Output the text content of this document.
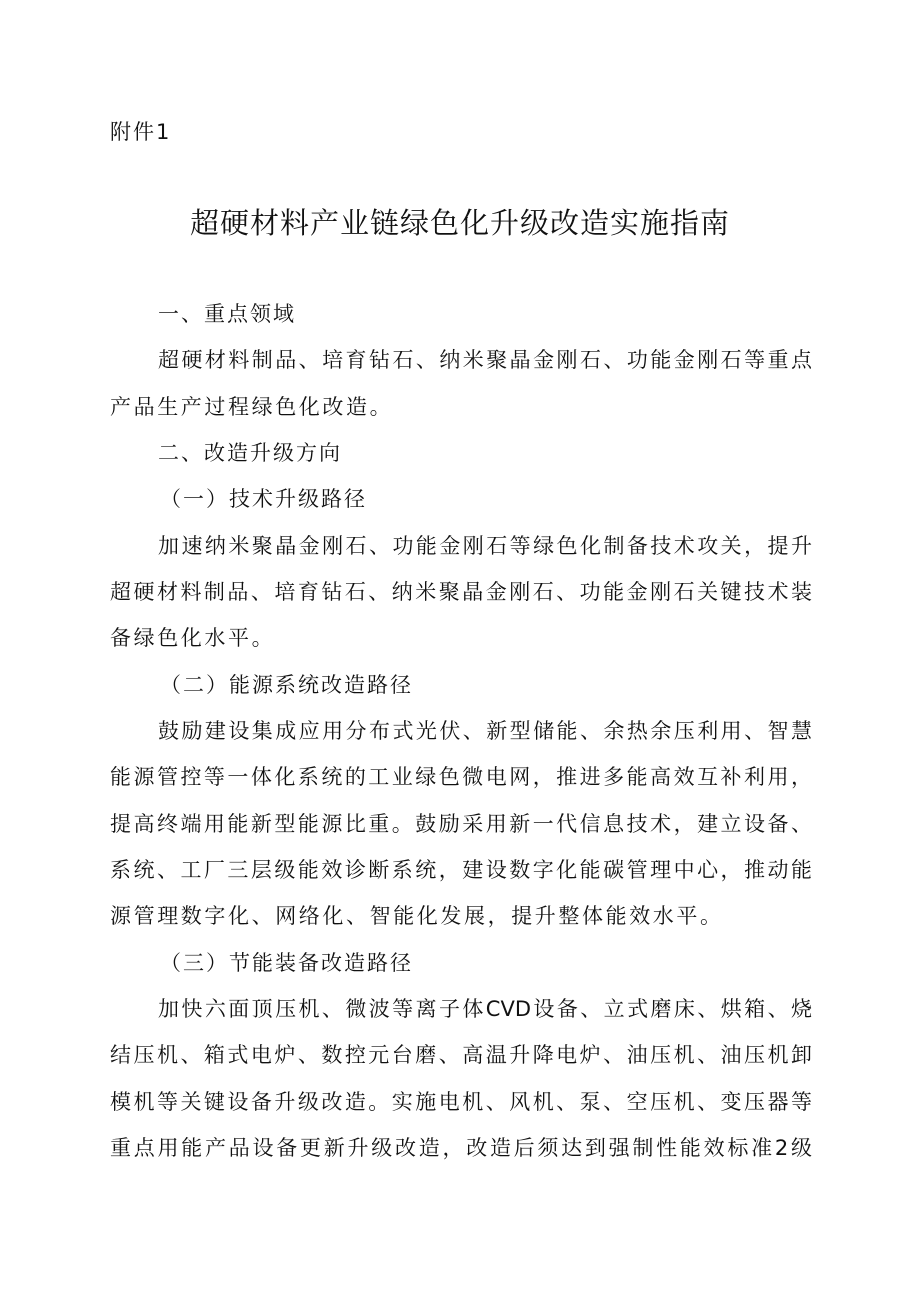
附件1
超硬材料产业链绿色化升级改造实施指南
一、重点领域
超硬材料制品、培育钻石、纳米聚晶金刚石、功能金刚石等重点
产品生产过程绿色化改造。
二、改造升级方向
（一）技术升级路径
加速纳米聚晶金刚石、功能金刚石等绿色化制备技术攻关，提升
超硬材料制品、培育钻石、纳米聚晶金刚石、功能金刚石关键技术装
备绿色化水平。
（二）能源系统改造路径
鼓励建设集成应用分布式光伏、新型储能、余热余压利用、智慧
能源管控等一体化系统的工业绿色微电网，推进多能高效互补利用，
提高终端用能新型能源比重。鼓励采用新一代信息技术，建立设备、
系统、工厂三层级能效诊断系统，建设数字化能碳管理中心，推动能
源管理数字化、网络化、智能化发展，提升整体能效水平。
（三）节能装备改造路径
加快六面顶压机、微波等离子体CVD设备、立式磨床、烘箱、烧
结压机、箱式电炉、数控元台磨、高温升降电炉、油压机、油压机卸
模机等关键设备升级改造。实施电机、风机、泵、空压机、变压器等
重点用能产品设备更新升级改造，改造后须达到强制性能效标准2级
